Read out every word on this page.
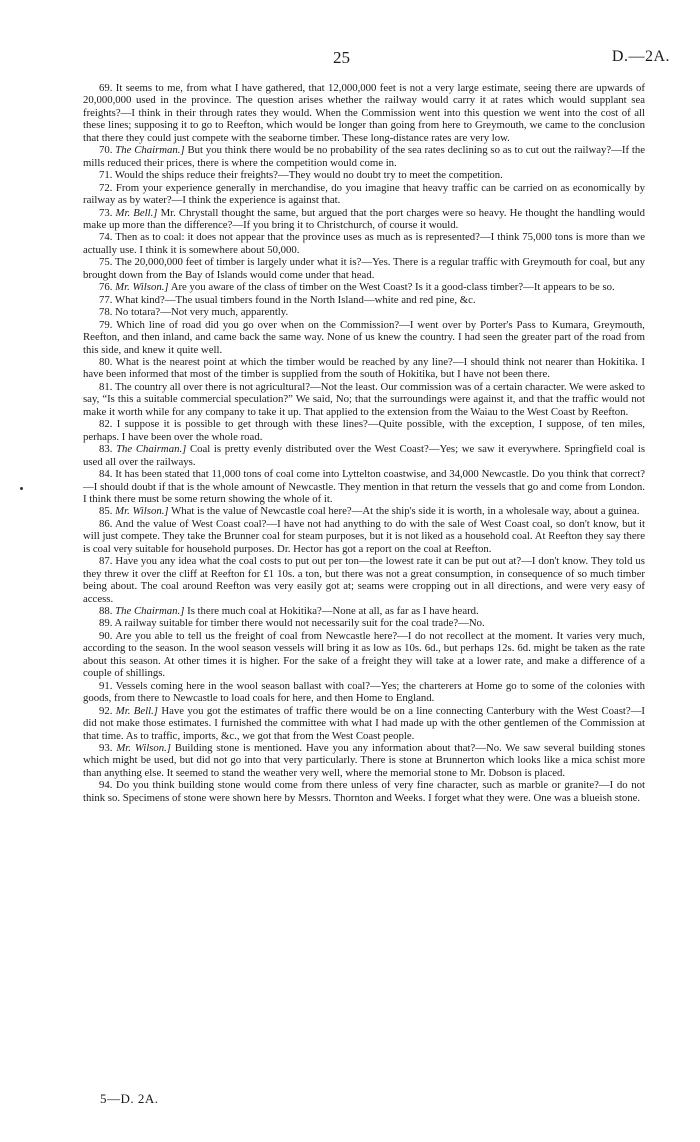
25	D.—2A.

69. It seems to me, from what I have gathered, that 12,000,000 feet is not a very large estimate, seeing there are upwards of 20,000,000 used in the province. The question arises whether the railway would carry it at rates which would supplant sea freights?—I think in their through rates they would. When the Commission went into this question we went into the cost of all these lines; supposing it to go to Reefton, which would be longer than going from here to Greymouth, we came to the conclusion that there they could just compete with the seaborne timber. These long-distance rates are very low.

70. The Chairman.] But you think there would be no probability of the sea rates declining so as to cut out the railway?—If the mills reduced their prices, there is where the competition would come in.

71. Would the ships reduce their freights?—They would no doubt try to meet the competition.

72. From your experience generally in merchandise, do you imagine that heavy traffic can be carried on as economically by railway as by water?—I think the experience is against that.

73. Mr. Bell.] Mr. Chrystall thought the same, but argued that the port charges were so heavy. He thought the handling would make up more than the difference?—If you bring it to Christchurch, of course it would.

74. Then as to coal: it does not appear that the province uses as much as is represented?—I think 75,000 tons is more than we actually use. I think it is somewhere about 50,000.

75. The 20,000,000 feet of timber is largely under what it is?—Yes. There is a regular traffic with Greymouth for coal, but any brought down from the Bay of Islands would come under that head.

76. Mr. Wilson.] Are you aware of the class of timber on the West Coast? Is it a good-class timber?—It appears to be so.

77. What kind?—The usual timbers found in the North Island—white and red pine, &c.

78. No totara?—Not very much, apparently.

79. Which line of road did you go over when on the Commission?—I went over by Porter's Pass to Kumara, Greymouth, Reefton, and then inland, and came back the same way. None of us knew the country. I had seen the greater part of the road from this side, and knew it quite well.

80. What is the nearest point at which the timber would be reached by any line?—I should think not nearer than Hokitika. I have been informed that most of the timber is supplied from the south of Hokitika, but I have not been there.

81. The country all over there is not agricultural?—Not the least. Our commission was of a certain character. We were asked to say, “Is this a suitable commercial speculation?” We said, No; that the surroundings were against it, and that the traffic would not make it worth while for any company to take it up. That applied to the extension from the Waiau to the West Coast by Reefton.

82. I suppose it is possible to get through with these lines?—Quite possible, with the exception, I suppose, of ten miles, perhaps. I have been over the whole road.

83. The Chairman.] Coal is pretty evenly distributed over the West Coast?—Yes; we saw it everywhere. Springfield coal is used all over the railways.

84. It has been stated that 11,000 tons of coal come into Lyttelton coastwise, and 34,000 Newcastle. Do you think that correct?—I should doubt if that is the whole amount of Newcastle. They mention in that return the vessels that go and come from London. I think there must be some return showing the whole of it.

85. Mr. Wilson.] What is the value of Newcastle coal here?—At the ship's side it is worth, in a wholesale way, about a guinea.

86. And the value of West Coast coal?—I have not had anything to do with the sale of West Coast coal, so don't know, but it will just compete. They take the Brunner coal for steam purposes, but it is not liked as a household coal. At Reefton they say there is coal very suitable for household purposes. Dr. Hector has got a report on the coal at Reefton.

87. Have you any idea what the coal costs to put out per ton—the lowest rate it can be put out at?—I don't know. They told us they threw it over the cliff at Reefton for £1 10s. a ton, but there was not a great consumption, in consequence of so much timber being about. The coal around Reefton was very easily got at; seams were cropping out in all directions, and were very easy of access.

88. The Chairman.] Is there much coal at Hokitika?—None at all, as far as I have heard.

89. A railway suitable for timber there would not necessarily suit for the coal trade?—No.

90. Are you able to tell us the freight of coal from Newcastle here?—I do not recollect at the moment. It varies very much, according to the season. In the wool season vessels will bring it as low as 10s. 6d., but perhaps 12s. 6d. might be taken as the rate about this season. At other times it is higher. For the sake of a freight they will take at a lower rate, and make a difference of a couple of shillings.

91. Vessels coming here in the wool season ballast with coal?—Yes; the charterers at Home go to some of the colonies with goods, from there to Newcastle to load coals for here, and then Home to England.

92. Mr. Bell.] Have you got the estimates of traffic there would be on a line connecting Canterbury with the West Coast?—I did not make those estimates. I furnished the committee with what I had made up with the other gentlemen of the Commission at that time. As to traffic, imports, &c., we got that from the West Coast people.

93. Mr. Wilson.] Building stone is mentioned. Have you any information about that?—No. We saw several building stones which might be used, but did not go into that very particularly. There is stone at Brunnerton which looks like a mica schist more than anything else. It seemed to stand the weather very well, where the memorial stone to Mr. Dobson is placed.

94. Do you think building stone would come from there unless of very fine character, such as marble or granite?—I do not think so. Specimens of stone were shown here by Messrs. Thornton and Weeks. I forget what they were. One was a blueish stone.

5—D. 2A.
